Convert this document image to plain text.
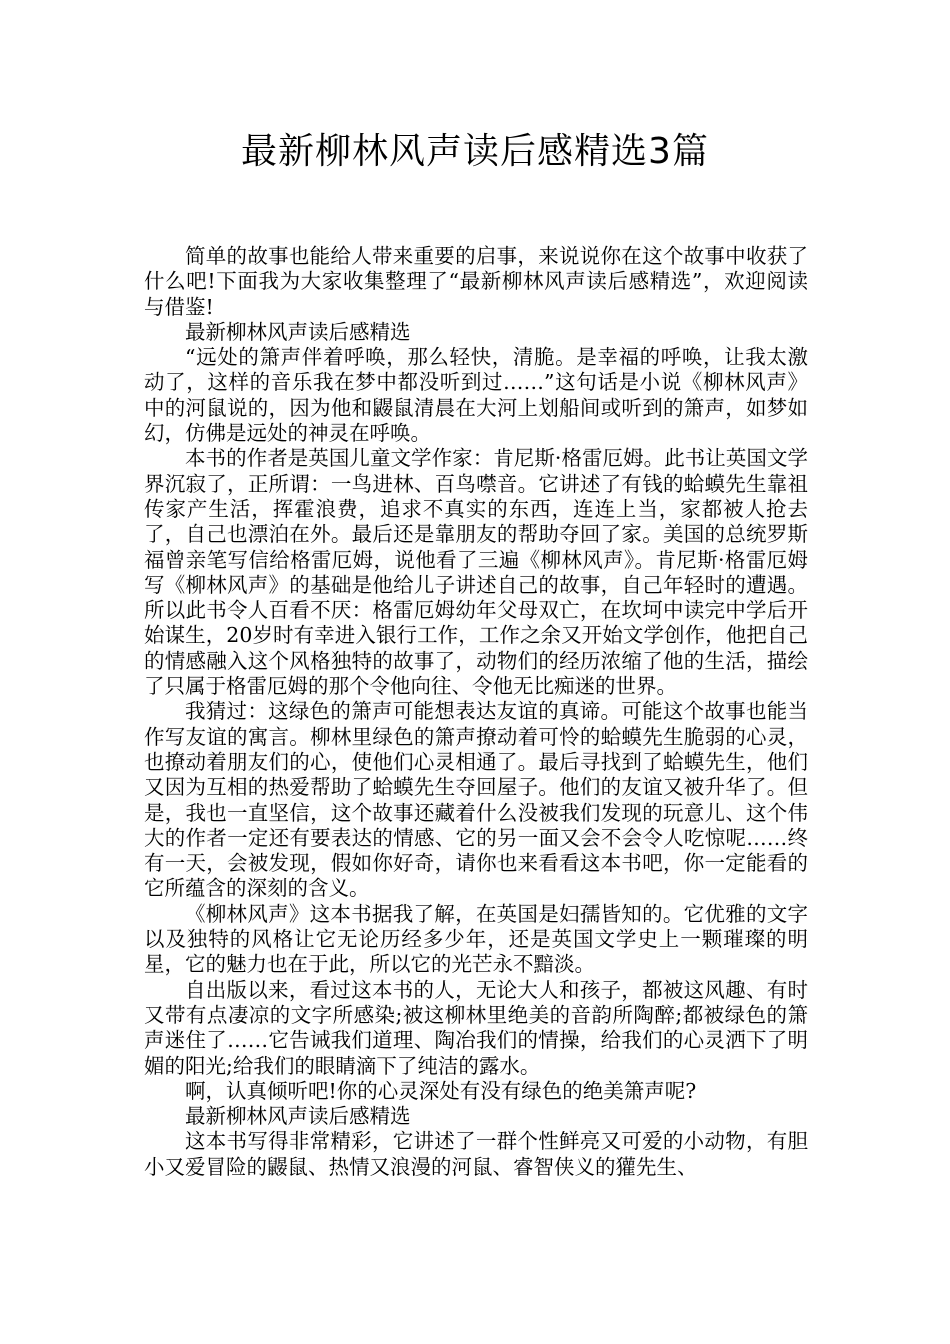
最新柳林风声读后感精选3篇

简单的故事也能给人带来重要的启事，来说说你在这个故事中收获了什么吧!下面我为大家收集整理了“最新柳林风声读后感精选”，欢迎阅读与借鉴!

最新柳林风声读后感精选

“远处的箫声伴着呼唤，那么轻快，清脆。是幸福的呼唤，让我太激动了，这样的音乐我在梦中都没听到过……”这句话是小说《柳林风声》中的河鼠说的，因为他和鼹鼠清晨在大河上划船间或听到的箫声，如梦如幻，仿佛是远处的神灵在呼唤。

本书的作者是英国儿童文学作家：肯尼斯·格雷厄姆。此书让英国文学界沉寂了，正所谓：一鸟进林、百鸟噤音。它讲述了有钱的蛤蟆先生靠祖传家产生活，挥霍浪费，追求不真实的东西，连连上当，家都被人抢去了，自己也漂泊在外。最后还是靠朋友的帮助夺回了家。美国的总统罗斯福曾亲笔写信给格雷厄姆，说他看了三遍《柳林风声》。肯尼斯·格雷厄姆写《柳林风声》的基础是他给儿子讲述自己的故事，自己年轻时的遭遇。所以此书令人百看不厌：格雷厄姆幼年父母双亡，在坎坷中读完中学后开始谋生，20岁时有幸进入银行工作，工作之余又开始文学创作，他把自己的情感融入这个风格独特的故事了，动物们的经历浓缩了他的生活，描绘了只属于格雷厄姆的那个令他向往、令他无比痴迷的世界。

我猜过：这绿色的箫声可能想表达友谊的真谛。可能这个故事也能当作写友谊的寓言。柳林里绿色的箫声撩动着可怜的蛤蟆先生脆弱的心灵，也撩动着朋友们的心，使他们心灵相通了。最后寻找到了蛤蟆先生，他们又因为互相的热爱帮助了蛤蟆先生夺回屋子。他们的友谊又被升华了。但是，我也一直坚信，这个故事还藏着什么没被我们发现的玩意儿、这个伟大的作者一定还有要表达的情感、它的另一面又会不会令人吃惊呢……终有一天，会被发现，假如你好奇，请你也来看看这本书吧，你一定能看的它所蕴含的深刻的含义。

《柳林风声》这本书据我了解，在英国是妇孺皆知的。它优雅的文字以及独特的风格让它无论历经多少年，还是英国文学史上一颗璀璨的明星，它的魅力也在于此，所以它的光芒永不黯淡。

自出版以来，看过这本书的人，无论大人和孩子，都被这风趣、有时又带有点凄凉的文字所感染;被这柳林里绝美的音韵所陶醉;都被绿色的箫声迷住了……它告诫我们道理、陶冶我们的情操，给我们的心灵洒下了明媚的阳光;给我们的眼睛滴下了纯洁的露水。

啊，认真倾听吧!你的心灵深处有没有绿色的绝美箫声呢?

最新柳林风声读后感精选

这本书写得非常精彩，它讲述了一群个性鲜亮又可爱的小动物，有胆小又爱冒险的鼹鼠、热情又浪漫的河鼠、睿智侠义的獾先生、
